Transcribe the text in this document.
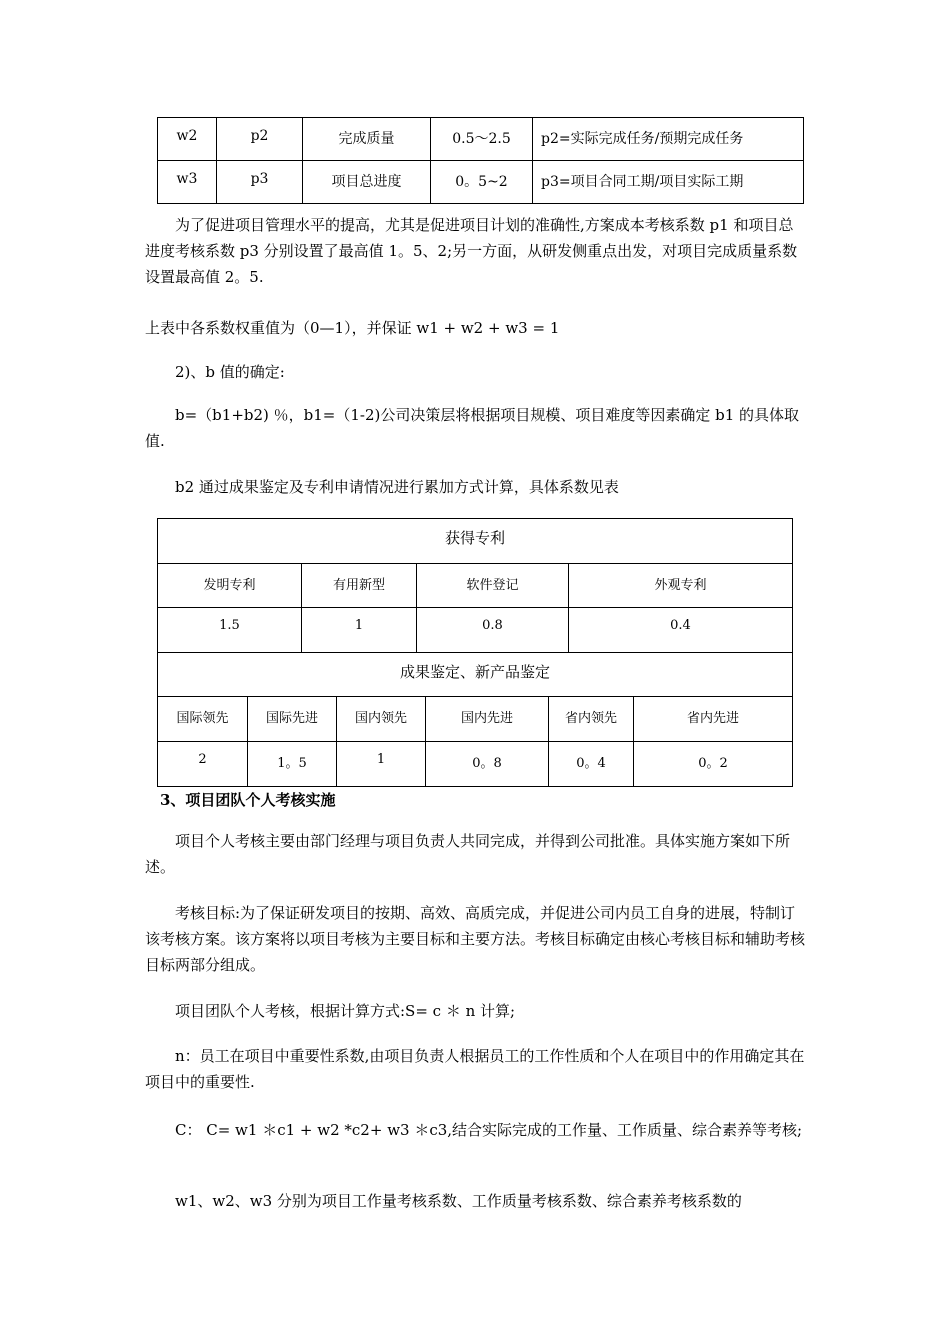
w2	p2	完成质量	0.5～2.5	p2=实际完成任务/预期完成任务
w3	p3	项目总进度	0。5~2	p3=项目合同工期/项目实际工期

为了促进项目管理水平的提高，尤其是促进项目计划的准确性,方案成本考核系数 p1 和项目总进度考核系数 p3 分别设置了最高值 1。5、2;另一方面，从研发侧重点出发，对项目完成质量系数设置最高值 2。5.

上表中各系数权重值为（0—1），并保证 w1 + w2 + w3 = 1

2)、b 值的确定:

b=（b1+b2) ％，b1=（1-2)公司决策层将根据项目规模、项目难度等因素确定 b1 的具体取值.

b2 通过成果鉴定及专利申请情况进行累加方式计算，具体系数见表

获得专利
发明专利	有用新型	软件登记	外观专利
1.5	1	0.8	0.4
成果鉴定、新产品鉴定
国际领先	国际先进	国内领先	国内先进	省内领先	省内先进
2	1。5	1	0。8	0。4	0。2

3、项目团队个人考核实施

项目个人考核主要由部门经理与项目负责人共同完成，并得到公司批准。具体实施方案如下所述。

考核目标:为了保证研发项目的按期、高效、高质完成，并促进公司内员工自身的进展，特制订该考核方案。该方案将以项目考核为主要目标和主要方法。考核目标确定由核心考核目标和辅助考核目标两部分组成。

项目团队个人考核，根据计算方式:S= c ＊ n 计算;

n：员工在项目中重要性系数,由项目负责人根据员工的工作性质和个人在项目中的作用确定其在项目中的重要性.

C： C= w1 ＊c1 + w2 *c2+ w3 ＊c3,结合实际完成的工作量、工作质量、综合素养等考核;

w1、w2、w3 分别为项目工作量考核系数、工作质量考核系数、综合素养考核系数的
